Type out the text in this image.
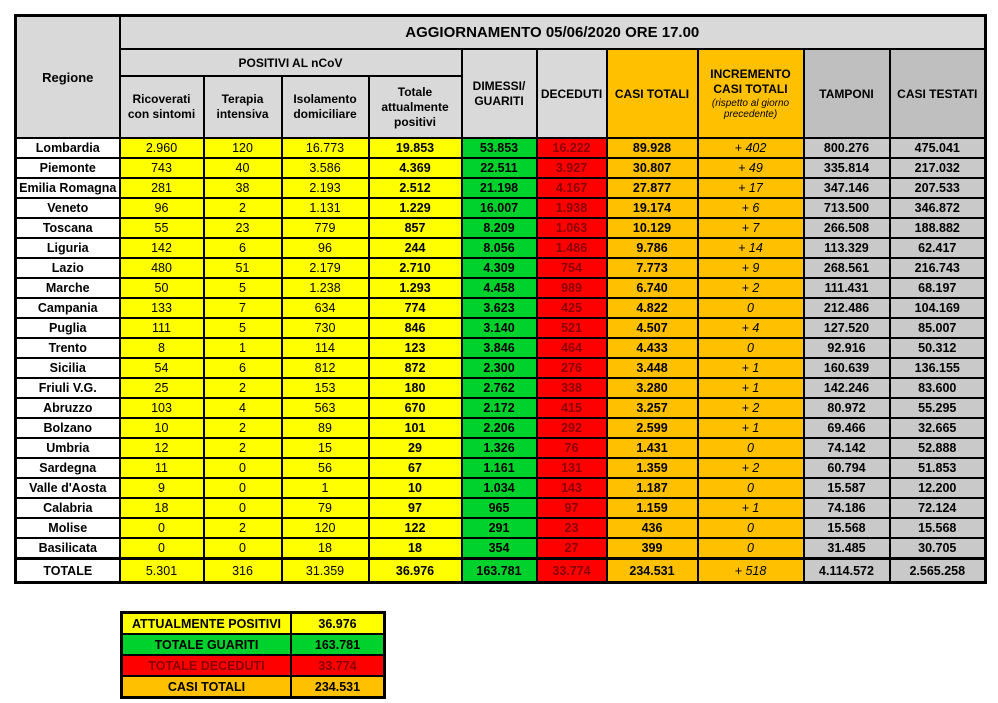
Regione	AGGIORNAMENTO 05/06/2020 ORE 17.00									
	POSITIVI AL nCoV				DIMESSI/ GUARITI	DECEDUTI	CASI TOTALI	INCREMENTO CASI TOTALI
(rispetto al giorno precedente)	TAMPONI	CASI TESTATI
	Ricoverati con sintomi	Terapia intensiva	Isolamento domiciliare	Totale attualmente positivi						
Lombardia	2.960	120	16.773	19.853	53.853	16.222	89.928	+ 402	800.276	475.041
Piemonte	743	40	3.586	4.369	22.511	3.927	30.807	+ 49	335.814	217.032
Emilia Romagna	281	38	2.193	2.512	21.198	4.167	27.877	+ 17	347.146	207.533
Veneto	96	2	1.131	1.229	16.007	1.938	19.174	+ 6	713.500	346.872
Toscana	55	23	779	857	8.209	1.063	10.129	+ 7	266.508	188.882
Liguria	142	6	96	244	8.056	1.486	9.786	+ 14	113.329	62.417
Lazio	480	51	2.179	2.710	4.309	754	7.773	+ 9	268.561	216.743
Marche	50	5	1.238	1.293	4.458	989	6.740	+ 2	111.431	68.197
Campania	133	7	634	774	3.623	425	4.822	0	212.486	104.169
Puglia	111	5	730	846	3.140	521	4.507	+ 4	127.520	85.007
Trento	8	1	114	123	3.846	464	4.433	0	92.916	50.312
Sicilia	54	6	812	872	2.300	276	3.448	+ 1	160.639	136.155
Friuli V.G.	25	2	153	180	2.762	338	3.280	+ 1	142.246	83.600
Abruzzo	103	4	563	670	2.172	415	3.257	+ 2	80.972	55.295
Bolzano	10	2	89	101	2.206	292	2.599	+ 1	69.466	32.665
Umbria	12	2	15	29	1.326	76	1.431	0	74.142	52.888
Sardegna	11	0	56	67	1.161	131	1.359	+ 2	60.794	51.853
Valle d'Aosta	9	0	1	10	1.034	143	1.187	0	15.587	12.200
Calabria	18	0	79	97	965	97	1.159	+ 1	74.186	72.124
Molise	0	2	120	122	291	23	436	0	15.568	15.568
Basilicata	0	0	18	18	354	27	399	0	31.485	30.705
TOTALE	5.301	316	31.359	36.976	163.781	33.774	234.531	+ 518	4.114.572	2.565.258
ATTUALMENTE POSITIVI	36.976
TOTALE GUARITI	163.781
TOTALE DECEDUTI	33.774
CASI TOTALI	234.531
